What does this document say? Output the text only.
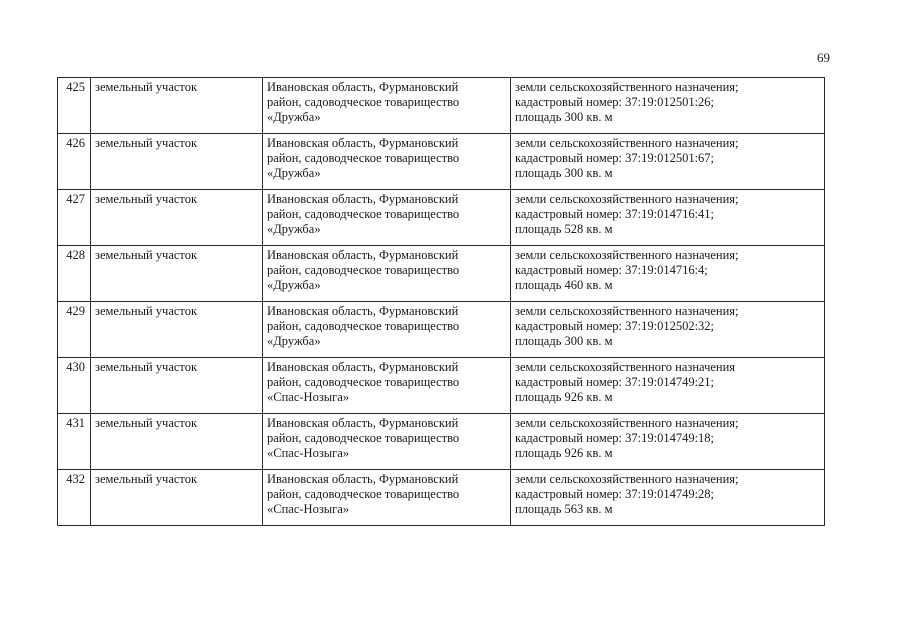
69
425	земельный участок	Ивановская область, Фурмановский
район, садоводческое товарищество
«Дружба»	земли сельскохозяйственного назначения;
кадастровый номер: 37:19:012501:26;
площадь 300 кв. м

426	земельный участок	Ивановская область, Фурмановский
район, садоводческое товарищество
«Дружба»	земли сельскохозяйственного назначения;
кадастровый номер: 37:19:012501:67;
площадь 300 кв. м

427	земельный участок	Ивановская область, Фурмановский
район, садоводческое товарищество
«Дружба»	земли сельскохозяйственного назначения;
кадастровый номер: 37:19:014716:41;
площадь 528 кв. м

428	земельный участок	Ивановская область, Фурмановский
район, садоводческое товарищество
«Дружба»	земли сельскохозяйственного назначения;
кадастровый номер: 37:19:014716:4;
площадь 460 кв. м

429	земельный участок	Ивановская область, Фурмановский
район, садоводческое товарищество
«Дружба»	земли сельскохозяйственного назначения;
кадастровый номер: 37:19:012502:32;
площадь 300 кв. м

430	земельный участок	Ивановская область, Фурмановский
район, садоводческое товарищество
«Спас-Нозыга»	земли сельскохозяйственного назначения
кадастровый номер: 37:19:014749:21;
площадь 926 кв. м

431	земельный участок	Ивановская область, Фурмановский
район, садоводческое товарищество
«Спас-Нозыга»	земли сельскохозяйственного назначения;
кадастровый номер: 37:19:014749:18;
площадь 926 кв. м

432	земельный участок	Ивановская область, Фурмановский
район, садоводческое товарищество
«Спас-Нозыга»	земли сельскохозяйственного назначения;
кадастровый номер: 37:19:014749:28;
площадь 563 кв. м
